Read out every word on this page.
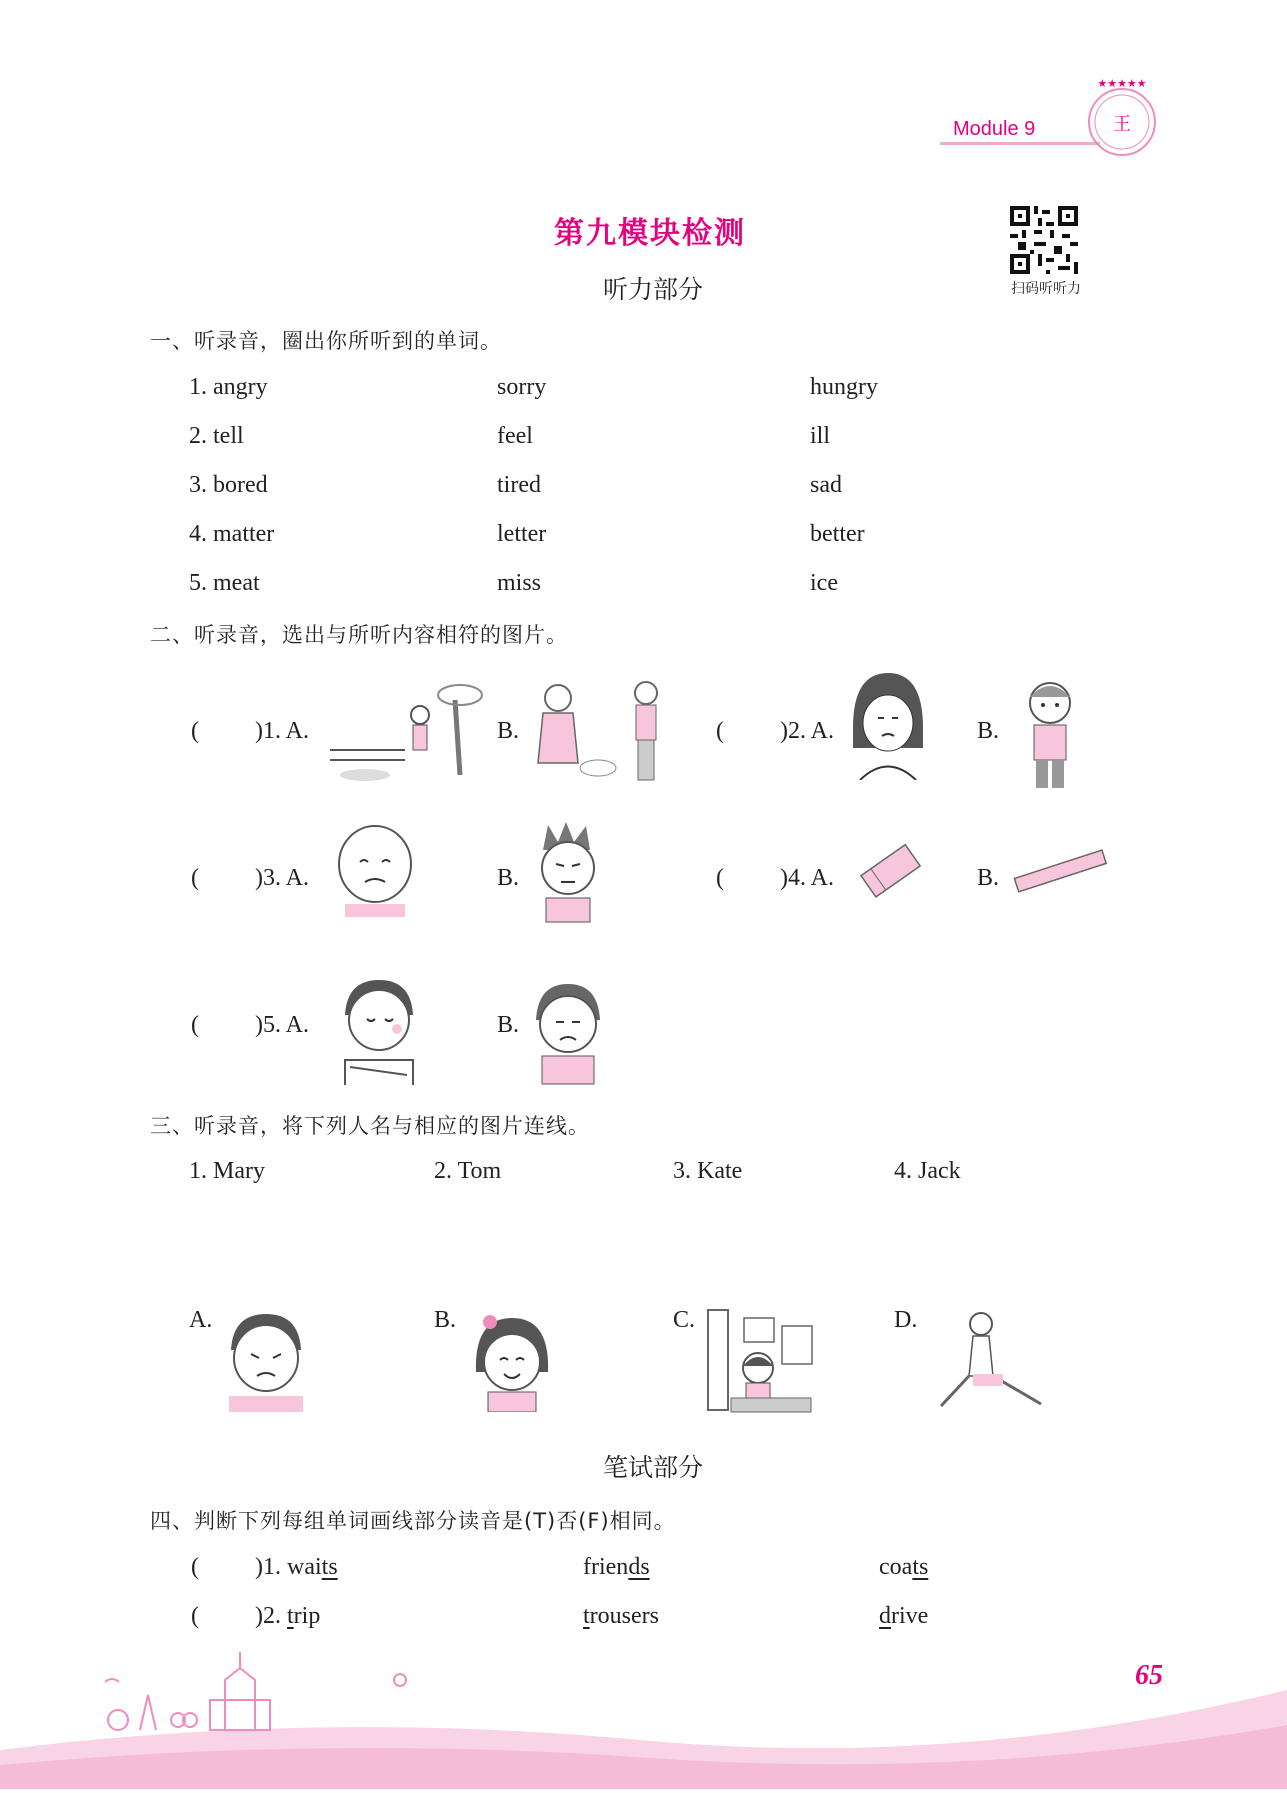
Module 9
★★★★★
王
第九模块检测
扫码听听力
听力部分
一、听录音，圈出你所听到的单词。
1. angry	sorry	hungry
2. tell	feel	ill
3. bored	tired	sad
4. matter	letter	better
5. meat	miss	ice
二、听录音，选出与所听内容相符的图片。
( )1. A.	B.	( )2. A.	B.
( )3. A.	B.	( )4. A.	B.
( )5. A.	B.
三、听录音，将下列人名与相应的图片连线。
1. Mary	2. Tom	3. Kate	4. Jack
A.	B.	C.	D.
笔试部分
四、判断下列每组单词画线部分读音是(T)否(F)相同。
( )1. waits	friends	coats
( )2. trip	trousers	drive
65
